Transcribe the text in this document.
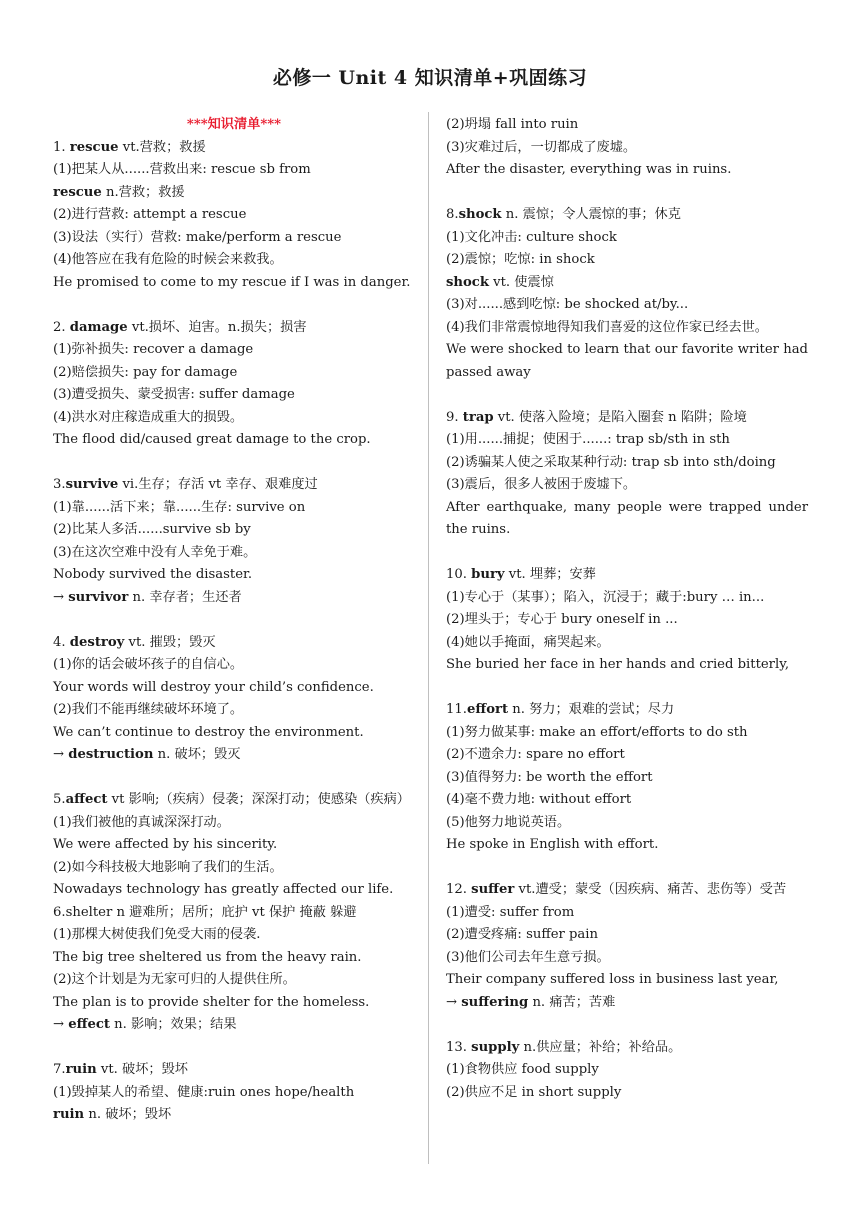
必修一 Unit 4 知识清单+巩固练习
***知识清单***
1. rescue vt.营救；救援
(1)把某人从......营救出来: rescue sb from
rescue n.营救；救援
(2)进行营救: attempt a rescue
(3)设法（实行）营救: make/perform a rescue
(4)他答应在我有危险的时候会来救我。
He promised to come to my rescue if I was in danger.
2. damage vt.损坏、迫害。n.损失；损害
(1)弥补损失: recover a damage
(2)赔偿损失: pay for damage
(3)遭受损失、蒙受损害: suffer damage
(4)洪水对庄稼造成重大的损毁。
The flood did/caused great damage to the crop.
3.survive vi.生存；存活 vt 幸存、艰难度过
(1)靠......活下来；靠......生存: survive on
(2)比某人多活......survive sb by
(3)在这次空难中没有人幸免于难。
Nobody survived the disaster.
→ survivor n. 幸存者；生还者
4. destroy vt. 摧毁；毁灭
(1)你的话会破坏孩子的自信心。
Your words will destroy your child’s confidence.
(2)我们不能再继续破坏环境了。
We can’t continue to destroy the environment.
→ destruction n. 破坏；毁灭
5.affect vt 影响;（疾病）侵袭；深深打动；使感染（疾病）
(1)我们被他的真诚深深打动。
We were affected by his sincerity.
(2)如今科技极大地影响了我们的生活。
Nowadays technology has greatly affected our life.
6.shelter n 避难所；居所；庇护 vt 保护 掩蔽 躲避
(1)那棵大树使我们免受大雨的侵袭.
The big tree sheltered us from the heavy rain.
(2)这个计划是为无家可归的人提供住所。
The plan is to provide shelter for the homeless.
→ effect n. 影响；效果；结果
7.ruin vt. 破坏；毁坏
(1)毁掉某人的希望、健康:ruin ones hope/health
ruin n. 破坏；毁坏
(2)坍塌 fall into ruin
(3)灾难过后，一切都成了废墟。
After the disaster, everything was in ruins.
8.shock n. 震惊；令人震惊的事；休克
(1)文化冲击: culture shock
(2)震惊；吃惊: in shock
shock vt. 使震惊
(3)对......感到吃惊: be shocked at/by...
(4)我们非常震惊地得知我们喜爱的这位作家已经去世。
We were shocked to learn that our favorite writer had passed away
9. trap vt. 使落入险境；是陷入圈套 n 陷阱；险境
(1)用......捕捉；使困于......: trap sb/sth in sth
(2)诱骗某人使之采取某种行动: trap sb into sth/doing
(3)震后，很多人被困于废墟下。
After earthquake, many people were trapped under the ruins.
10. bury vt. 埋葬；安葬
(1)专心于（某事）；陷入，沉浸于；藏于:bury … in...
(2)埋头于；专心于 bury oneself in ...
(4)她以手掩面，痛哭起来。
She buried her face in her hands and cried bitterly,
11.effort n. 努力；艰难的尝试；尽力
(1)努力做某事: make an effort/efforts to do sth
(2)不遗余力: spare no effort
(3)值得努力: be worth the effort
(4)毫不费力地: without effort
(5)他努力地说英语。
He spoke in English with effort.
12. suffer vt.遭受；蒙受（因疾病、痛苦、悲伤等）受苦
(1)遭受: suffer from
(2)遭受疼痛: suffer pain
(3)他们公司去年生意亏损。
Their company suffered loss in business last year,
→ suffering n. 痛苦；苦难
13. supply n.供应量；补给；补给品。
(1)食物供应 food supply
(2)供应不足 in short supply
